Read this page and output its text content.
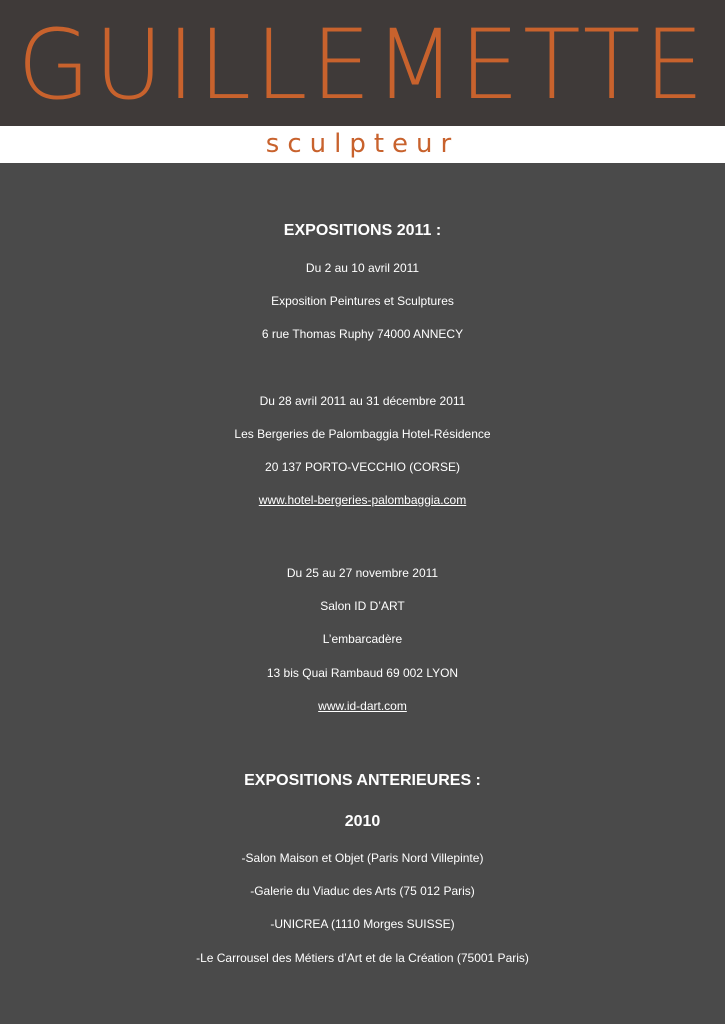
GUILLEMETTE
sculpteur
EXPOSITIONS 2011 :
Du 2 au 10 avril 2011
Exposition Peintures et Sculptures
6 rue Thomas Ruphy 74000 ANNECY
Du 28 avril 2011 au 31 décembre 2011
Les Bergeries de Palombaggia Hotel-Résidence
20 137 PORTO-VECCHIO (CORSE)
www.hotel-bergeries-palombaggia.com
Du 25 au 27 novembre 2011
Salon ID D’ART
L’embarcadère
13 bis Quai Rambaud 69 002 LYON
www.id-dart.com
EXPOSITIONS ANTERIEURES :
2010
-Salon Maison et Objet (Paris Nord Villepinte)
-Galerie du Viaduc des Arts (75 012 Paris)
-UNICREA (1110 Morges SUISSE)
-Le Carrousel des Métiers d’Art et de la Création (75001 Paris)
